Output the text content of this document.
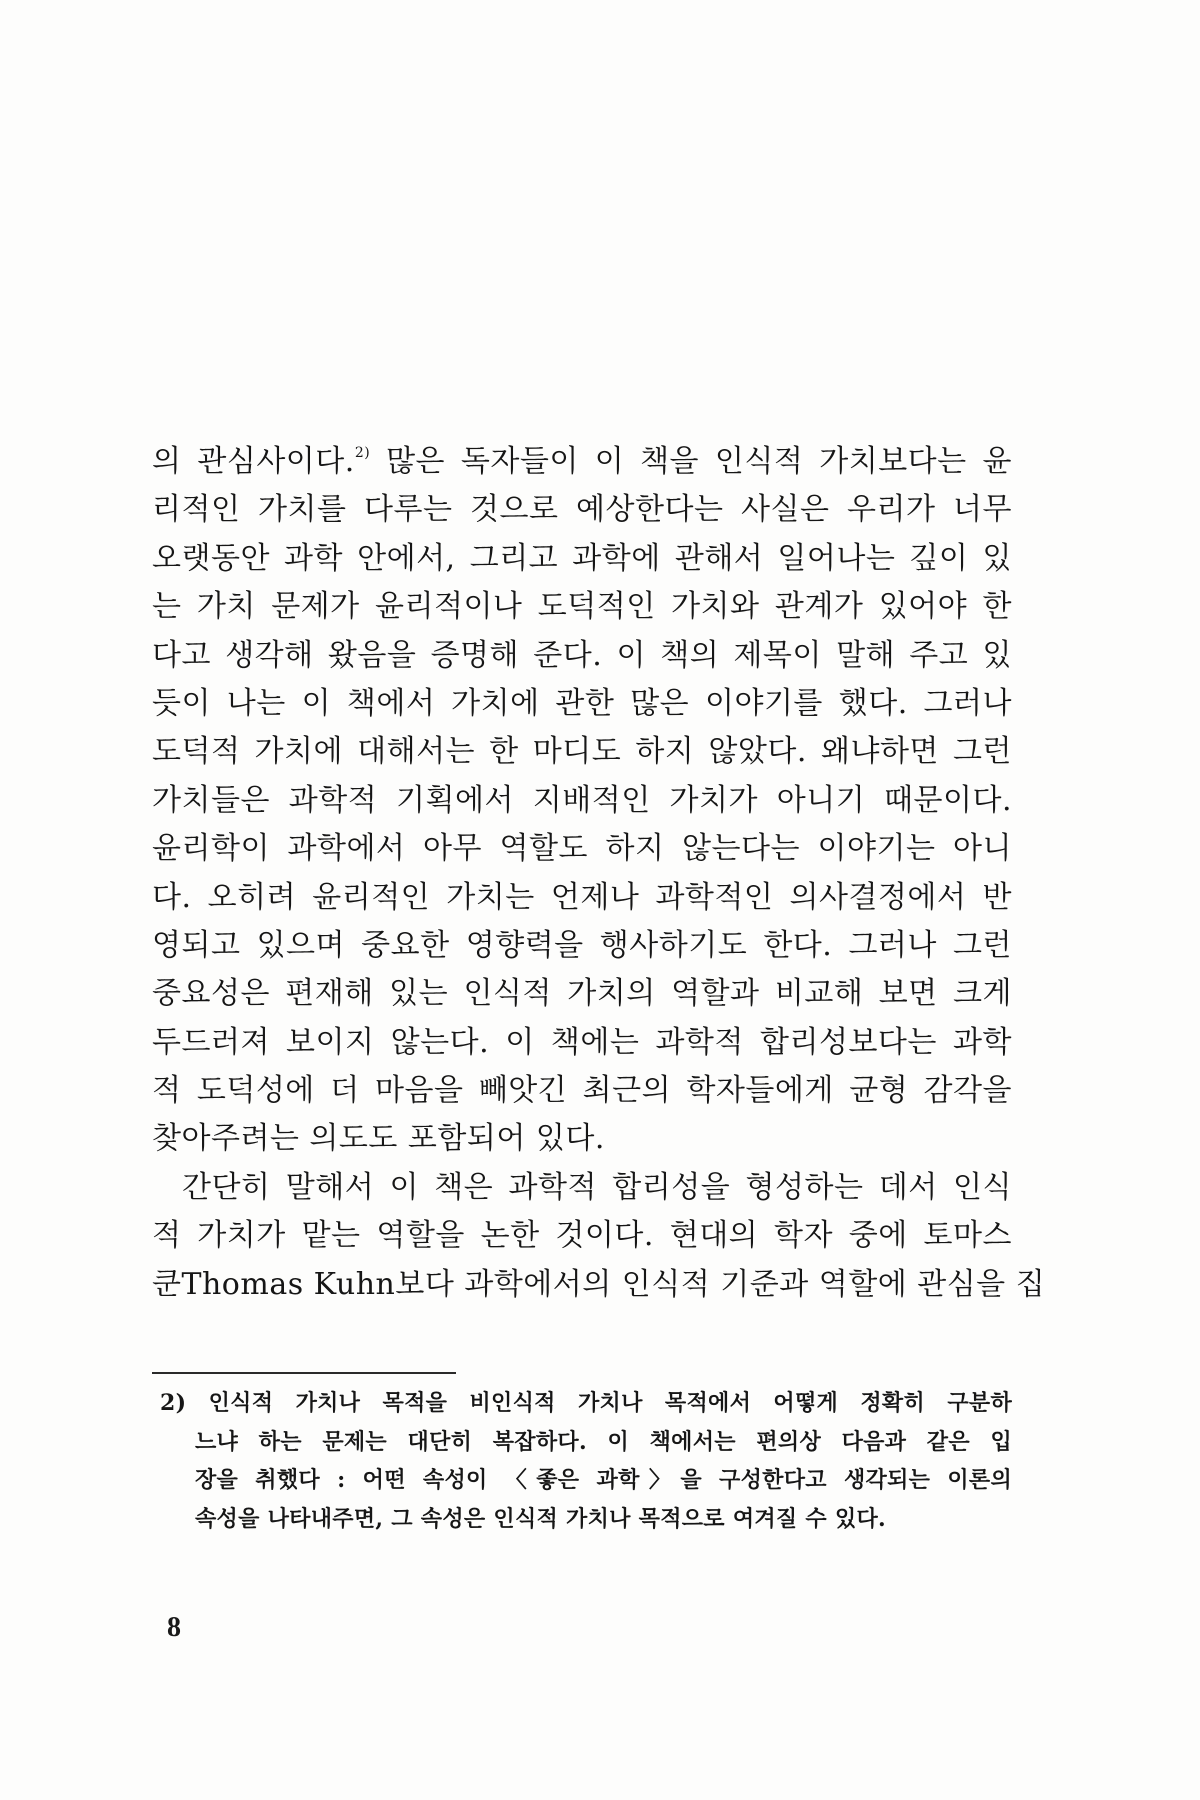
의 관심사이다.$^{2)}$ 많은 독자들이 이 책을 인식적 가치보다는 윤
리적인 가치를 다루는 것으로 예상한다는 사실은 우리가 너무
오랫동안 과학 안에서, 그리고 과학에 관해서 일어나는 깊이 있
는 가치 문제가 윤리적이나 도덕적인 가치와 관계가 있어야 한
다고 생각해 왔음을 증명해 준다. 이 책의 제목이 말해 주고 있
듯이 나는 이 책에서 가치에 관한 많은 이야기를 했다. 그러나
도덕적 가치에 대해서는 한 마디도 하지 않았다. 왜냐하면 그런
가치들은 과학적 기획에서 지배적인 가치가 아니기 때문이다.
윤리학이 과학에서 아무 역할도 하지 않는다는 이야기는 아니
다. 오히려 윤리적인 가치는 언제나 과학적인 의사결정에서 반
영되고 있으며 중요한 영향력을 행사하기도 한다. 그러나 그런
중요성은 편재해 있는 인식적 가치의 역할과 비교해 보면 크게
두드러져 보이지 않는다. 이 책에는 과학적 합리성보다는 과학
적 도덕성에 더 마음을 빼앗긴 최근의 학자들에게 균형 감각을
찾아주려는 의도도 포함되어 있다.
간단히 말해서 이 책은 과학적 합리성을 형성하는 데서 인식
적 가치가 맡는 역할을 논한 것이다. 현대의 학자 중에 토마스
쿤Thomas Kuhn보다 과학에서의 인식적 기준과 역할에 관심을 집
2) 인식적 가치나 목적을 비인식적 가치나 목적에서 어떻게 정확히 구분하
느냐 하는 문제는 대단히 복잡하다. 이 책에서는 편의상 다음과 같은 입
장을 취했다 : 어떤 속성이 〈좋은 과학〉을 구성한다고 생각되는 이론의
속성을 나타내주면, 그 속성은 인식적 가치나 목적으로 여겨질 수 있다.
8
